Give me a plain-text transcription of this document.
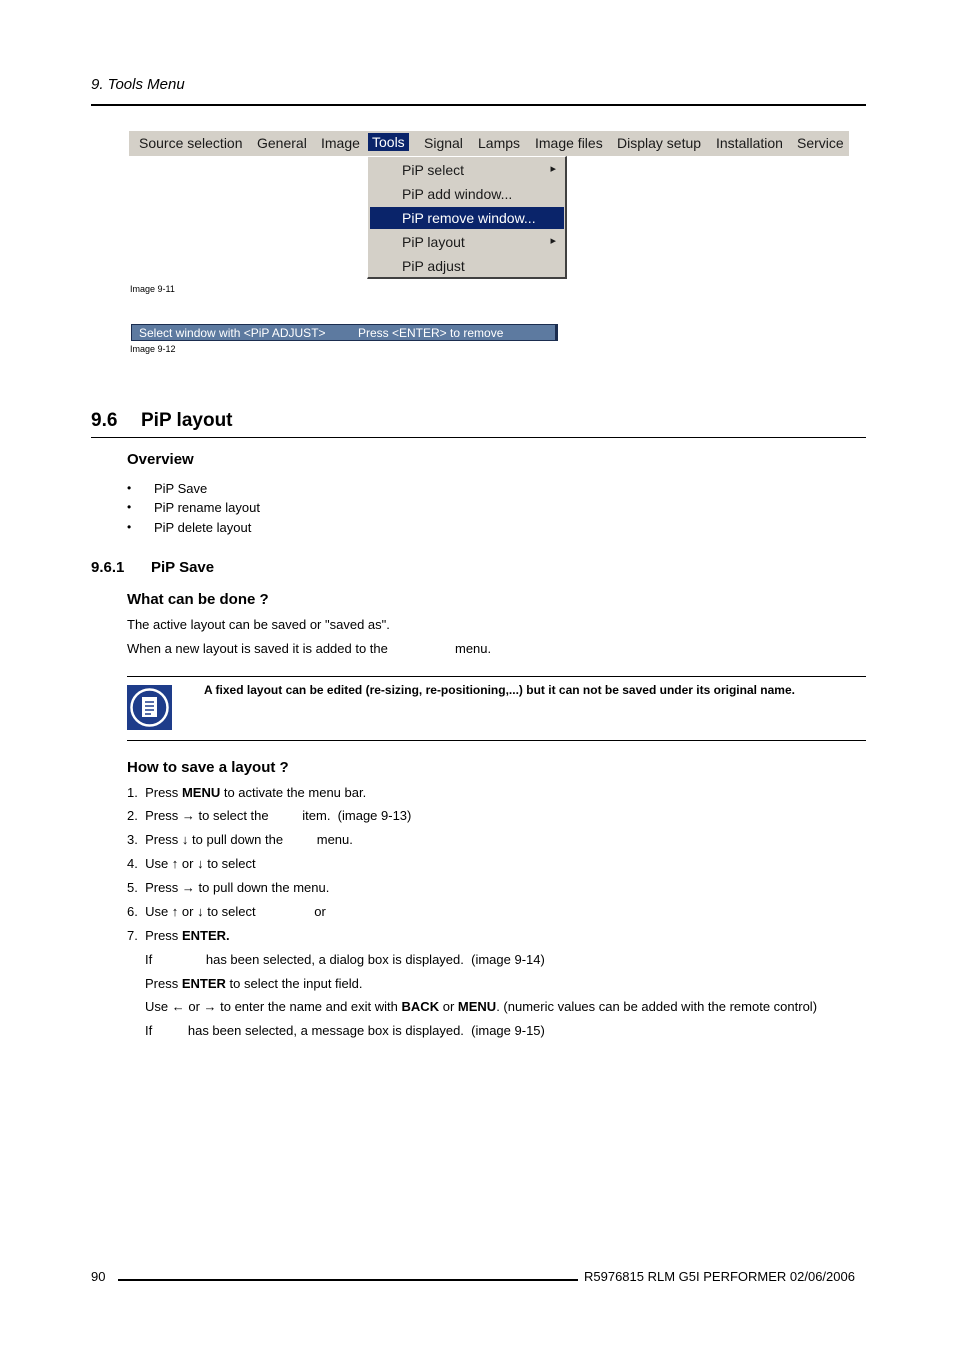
9. Tools Menu
Source selection General Image Tools Signal Lamps Image files Display setup Installation Service
PiP select	▸
PiP add window...
PiP remove window...
PiP layout	▸
PiP adjust
Image 9-11
Select window with <PiP ADJUST>	Press <ENTER> to remove
Image 9-12
9.6 PiP layout
Overview
• PiP Save
• PiP rename layout
• PiP delete layout
9.6.1 PiP Save
What can be done ?
The active layout can be saved or "saved as".
When a new layout is saved it is added to the	menu.
A fixed layout can be edited (re-sizing, re-positioning,...) but it can not be saved under its original name.
How to save a layout ?
1. Press MENU to activate the menu bar.
2. Press → to select the	item. (image 9-13)
3. Press ↓ to pull down the	menu.
4. Use ↑ or ↓ to select
5. Press → to pull down the menu.
6. Use ↑ or ↓ to select	or
7. Press ENTER.
If	has been selected, a dialog box is displayed. (image 9-14)
Press ENTER to select the input field.
Use ← or → to enter the name and exit with BACK or MENU. (numeric values can be added with the remote control)
If	has been selected, a message box is displayed. (image 9-15)
90	R5976815 RLM G5I PERFORMER 02/06/2006
